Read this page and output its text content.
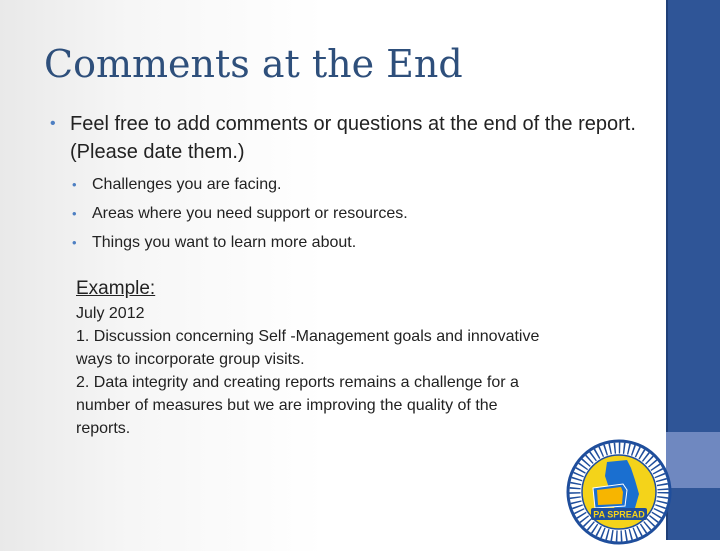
Comments at the End
• Feel free to add comments or questions at the end of the report. (Please date them.)
• Challenges you are facing.
• Areas where you need support or resources.
• Things you want to learn more about.
Example:
July 2012
1. Discussion concerning Self -Management goals and innovative
ways to incorporate group visits.
2. Data integrity and creating reports remains a challenge for a
number of measures but we are improving the quality of the
reports.
PA SPREAD
